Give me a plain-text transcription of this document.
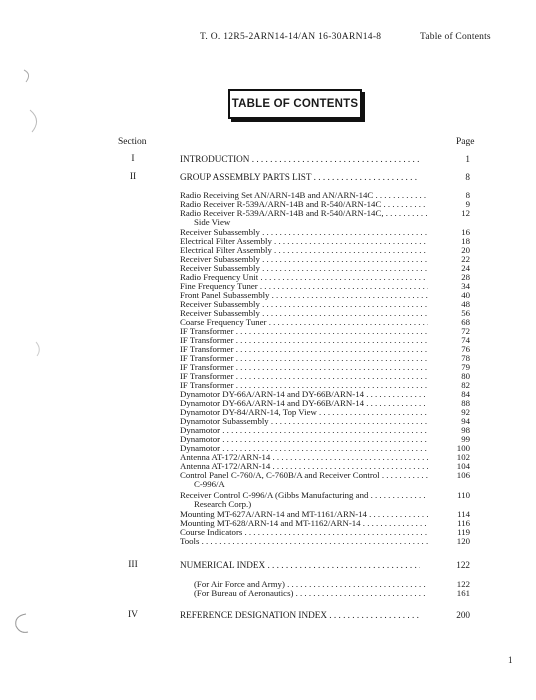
T. O. 12R5-2ARN14-14/AN 16-30ARN14-8	Table of Contents
TABLE OF CONTENTS
Section	Page
I	INTRODUCTION . . .	1
II	GROUP ASSEMBLY PARTS LIST . . .	8
Radio Receiving Set AN/ARN-14B and AN/ARN-14C . . .	8
Radio Receiver R-539A/ARN-14B and R-540/ARN-14C . . .	9
Radio Receiver R-539A/ARN-14B and R-540/ARN-14C, . . .	12
Side View
Receiver Subassembly . . .	16
Electrical Filter Assembly . . .	18
Electrical Filter Assembly . . .	20
Receiver Subassembly . . .	22
Receiver Subassembly . . .	24
Radio Frequency Unit . . .	28
Fine Frequency Tuner . . .	34
Front Panel Subassembly . . .	40
Receiver Subassembly . . .	48
Receiver Subassembly . . .	56
Coarse Frequency Tuner . . .	68
IF Transformer . . .	72
IF Transformer . . .	74
IF Transformer . . .	76
IF Transformer . . .	78
IF Transformer . . .	79
IF Transformer . . .	80
IF Transformer . . .	82
Dynamotor DY-66A/ARN-14 and DY-66B/ARN-14 . . .	84
Dynamotor DY-66A/ARN-14 and DY-66B/ARN-14 . . .	88
Dynamotor DY-84/ARN-14, Top View . . .	92
Dynamotor Subassembly . . .	94
Dynamotor . . .	98
Dynamotor . . .	99
Dynamotor . . .	100
Antenna AT-172/ARN-14 . . .	102
Antenna AT-172/ARN-14 . . .	104
Control Panel C-760/A, C-760B/A and Receiver Control . . .	106
C-996/A
Receiver Control C-996/A (Gibbs Manufacturing and . . .	110
Research Corp.)
Mounting MT-627A/ARN-14 and MT-1161/ARN-14 . . .	114
Mounting MT-628/ARN-14 and MT-1162/ARN-14 . . .	116
Course Indicators . . .	119
Tools . . .	120
III	NUMERICAL INDEX . . .	122
(For Air Force and Army) . . .	122
(For Bureau of Aeronautics) . . .	161
IV	REFERENCE DESIGNATION INDEX . . .	200
1
